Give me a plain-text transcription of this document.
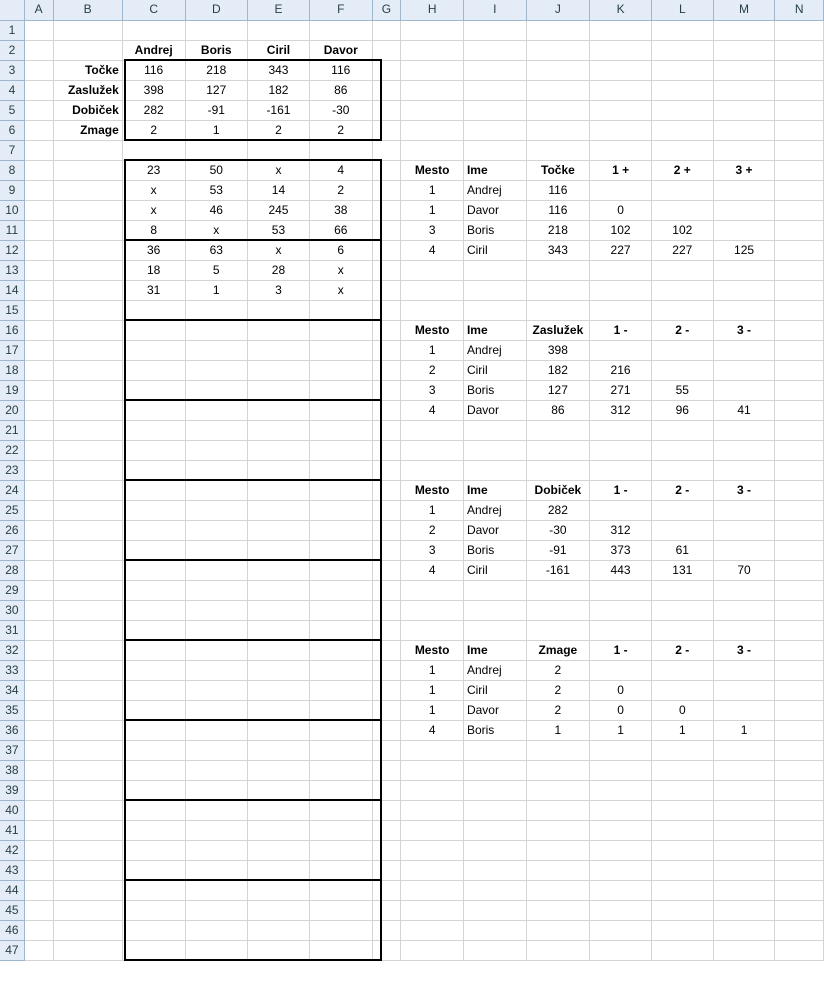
	A	B	C	D	E	F	G	H	I	J	K	L	M	N
1														
2			Andrej	Boris	Ciril	Davor								
3		Točke	116	218	343	116								
4		Zaslužek	398	127	182	86								
5		Dobiček	282	-91	-161	-30								
6		Zmage	2	1	2	2								
7														
8			23	50	x	4		Mesto	Ime	Točke	1 +	2 +	3 +	
9			x	53	14	2		1	Andrej	116				
10			x	46	245	38		1	Davor	116	0			
11			8	x	53	66		3	Boris	218	102	102		
12			36	63	x	6		4	Ciril	343	227	227	125	
13			18	5	28	x								
14			31	1	3	x								
15														
16								Mesto	Ime	Zaslužek	1 -	2 -	3 -	
17								1	Andrej	398				
18								2	Ciril	182	216			
19								3	Boris	127	271	55		
20								4	Davor	86	312	96	41	
21														
22														
23														
24								Mesto	Ime	Dobiček	1 -	2 -	3 -	
25								1	Andrej	282				
26								2	Davor	-30	312			
27								3	Boris	-91	373	61		
28								4	Ciril	-161	443	131	70	
29														
30														
31														
32								Mesto	Ime	Zmage	1 -	2 -	3 -	
33								1	Andrej	2				
34								1	Ciril	2	0			
35								1	Davor	2	0	0		
36								4	Boris	1	1	1	1	
37														
38														
39														
40														
41														
42														
43														
44														
45														
46														
47														
